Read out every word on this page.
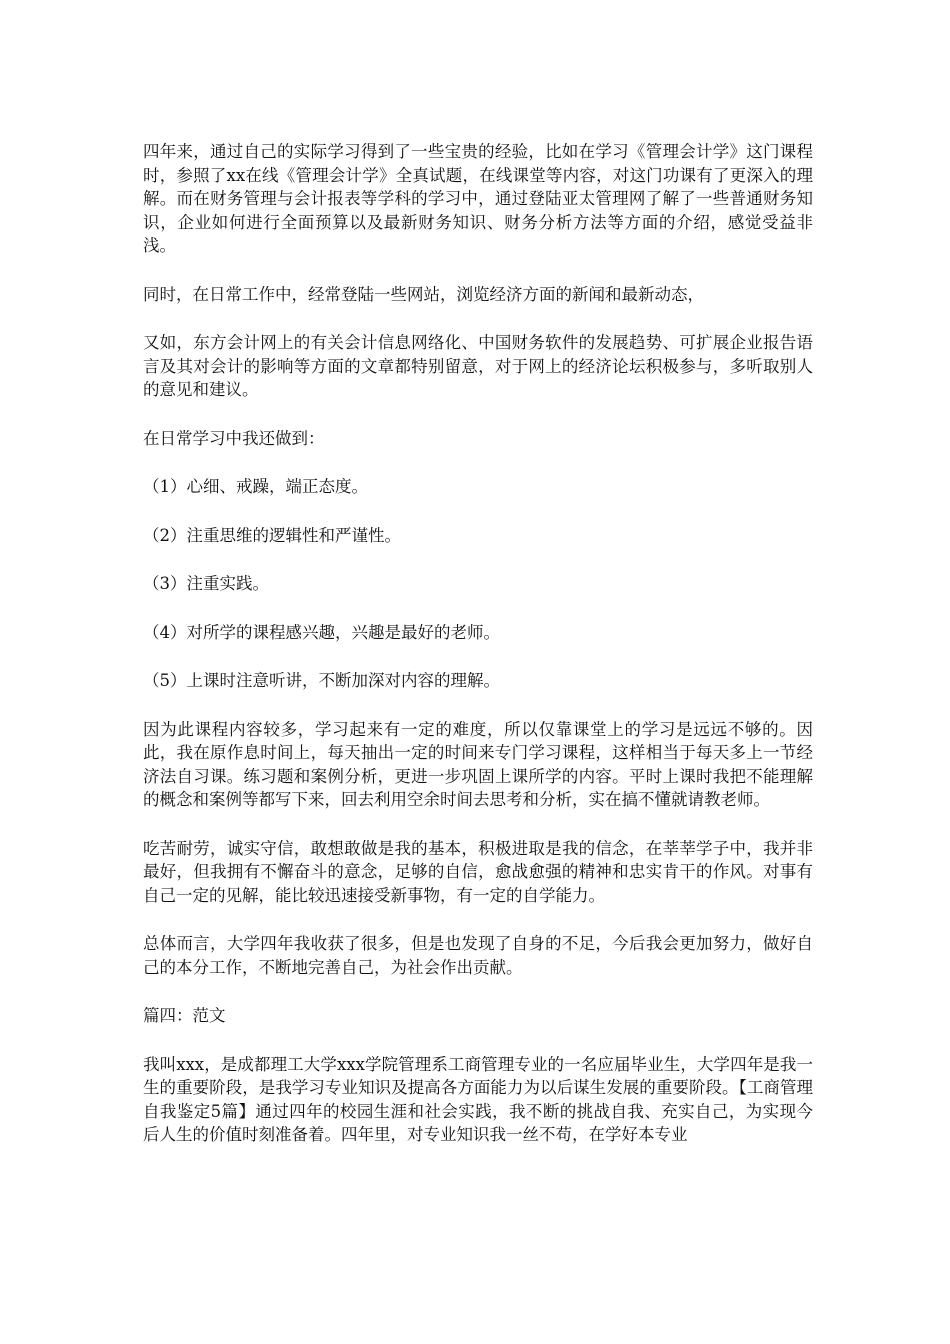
四年来，通过自己的实际学习得到了一些宝贵的经验，比如在学习《管理会计学》这门课程时，参照了xx在线《管理会计学》全真试题，在线课堂等内容，对这门功课有了更深入的理解。而在财务管理与会计报表等学科的学习中，通过登陆亚太管理网了解了一些普通财务知识，企业如何进行全面预算以及最新财务知识、财务分析方法等方面的介绍，感觉受益非浅。

同时，在日常工作中，经常登陆一些网站，浏览经济方面的新闻和最新动态，

又如，东方会计网上的有关会计信息网络化、中国财务软件的发展趋势、可扩展企业报告语言及其对会计的影响等方面的文章都特别留意，对于网上的经济论坛积极参与，多听取别人的意见和建议。

在日常学习中我还做到：

（1）心细、戒躁，端正态度。

（2）注重思维的逻辑性和严谨性。

（3）注重实践。

（4）对所学的课程感兴趣，兴趣是最好的老师。

（5）上课时注意听讲，不断加深对内容的理解。

因为此课程内容较多，学习起来有一定的难度，所以仅靠课堂上的学习是远远不够的。因此，我在原作息时间上，每天抽出一定的时间来专门学习课程，这样相当于每天多上一节经济法自习课。练习题和案例分析，更进一步巩固上课所学的内容。平时上课时我把不能理解的概念和案例等都写下来，回去利用空余时间去思考和分析，实在搞不懂就请教老师。

吃苦耐劳，诚实守信，敢想敢做是我的基本，积极进取是我的信念，在莘莘学子中，我并非最好，但我拥有不懈奋斗的意念，足够的自信，愈战愈强的精神和忠实肯干的作风。对事有自己一定的见解，能比较迅速接受新事物，有一定的自学能力。

总体而言，大学四年我收获了很多，但是也发现了自身的不足，今后我会更加努力，做好自己的本分工作，不断地完善自己，为社会作出贡献。

篇四：范文

我叫xxx，是成都理工大学xxx学院管理系工商管理专业的一名应届毕业生，大学四年是我一生的重要阶段，是我学习专业知识及提高各方面能力为以后谋生发展的重要阶段。【工商管理自我鉴定5篇】通过四年的校园生涯和社会实践，我不断的挑战自我、充实自己，为实现今后人生的价值时刻准备着。四年里，对专业知识我一丝不苟，在学好本专业
